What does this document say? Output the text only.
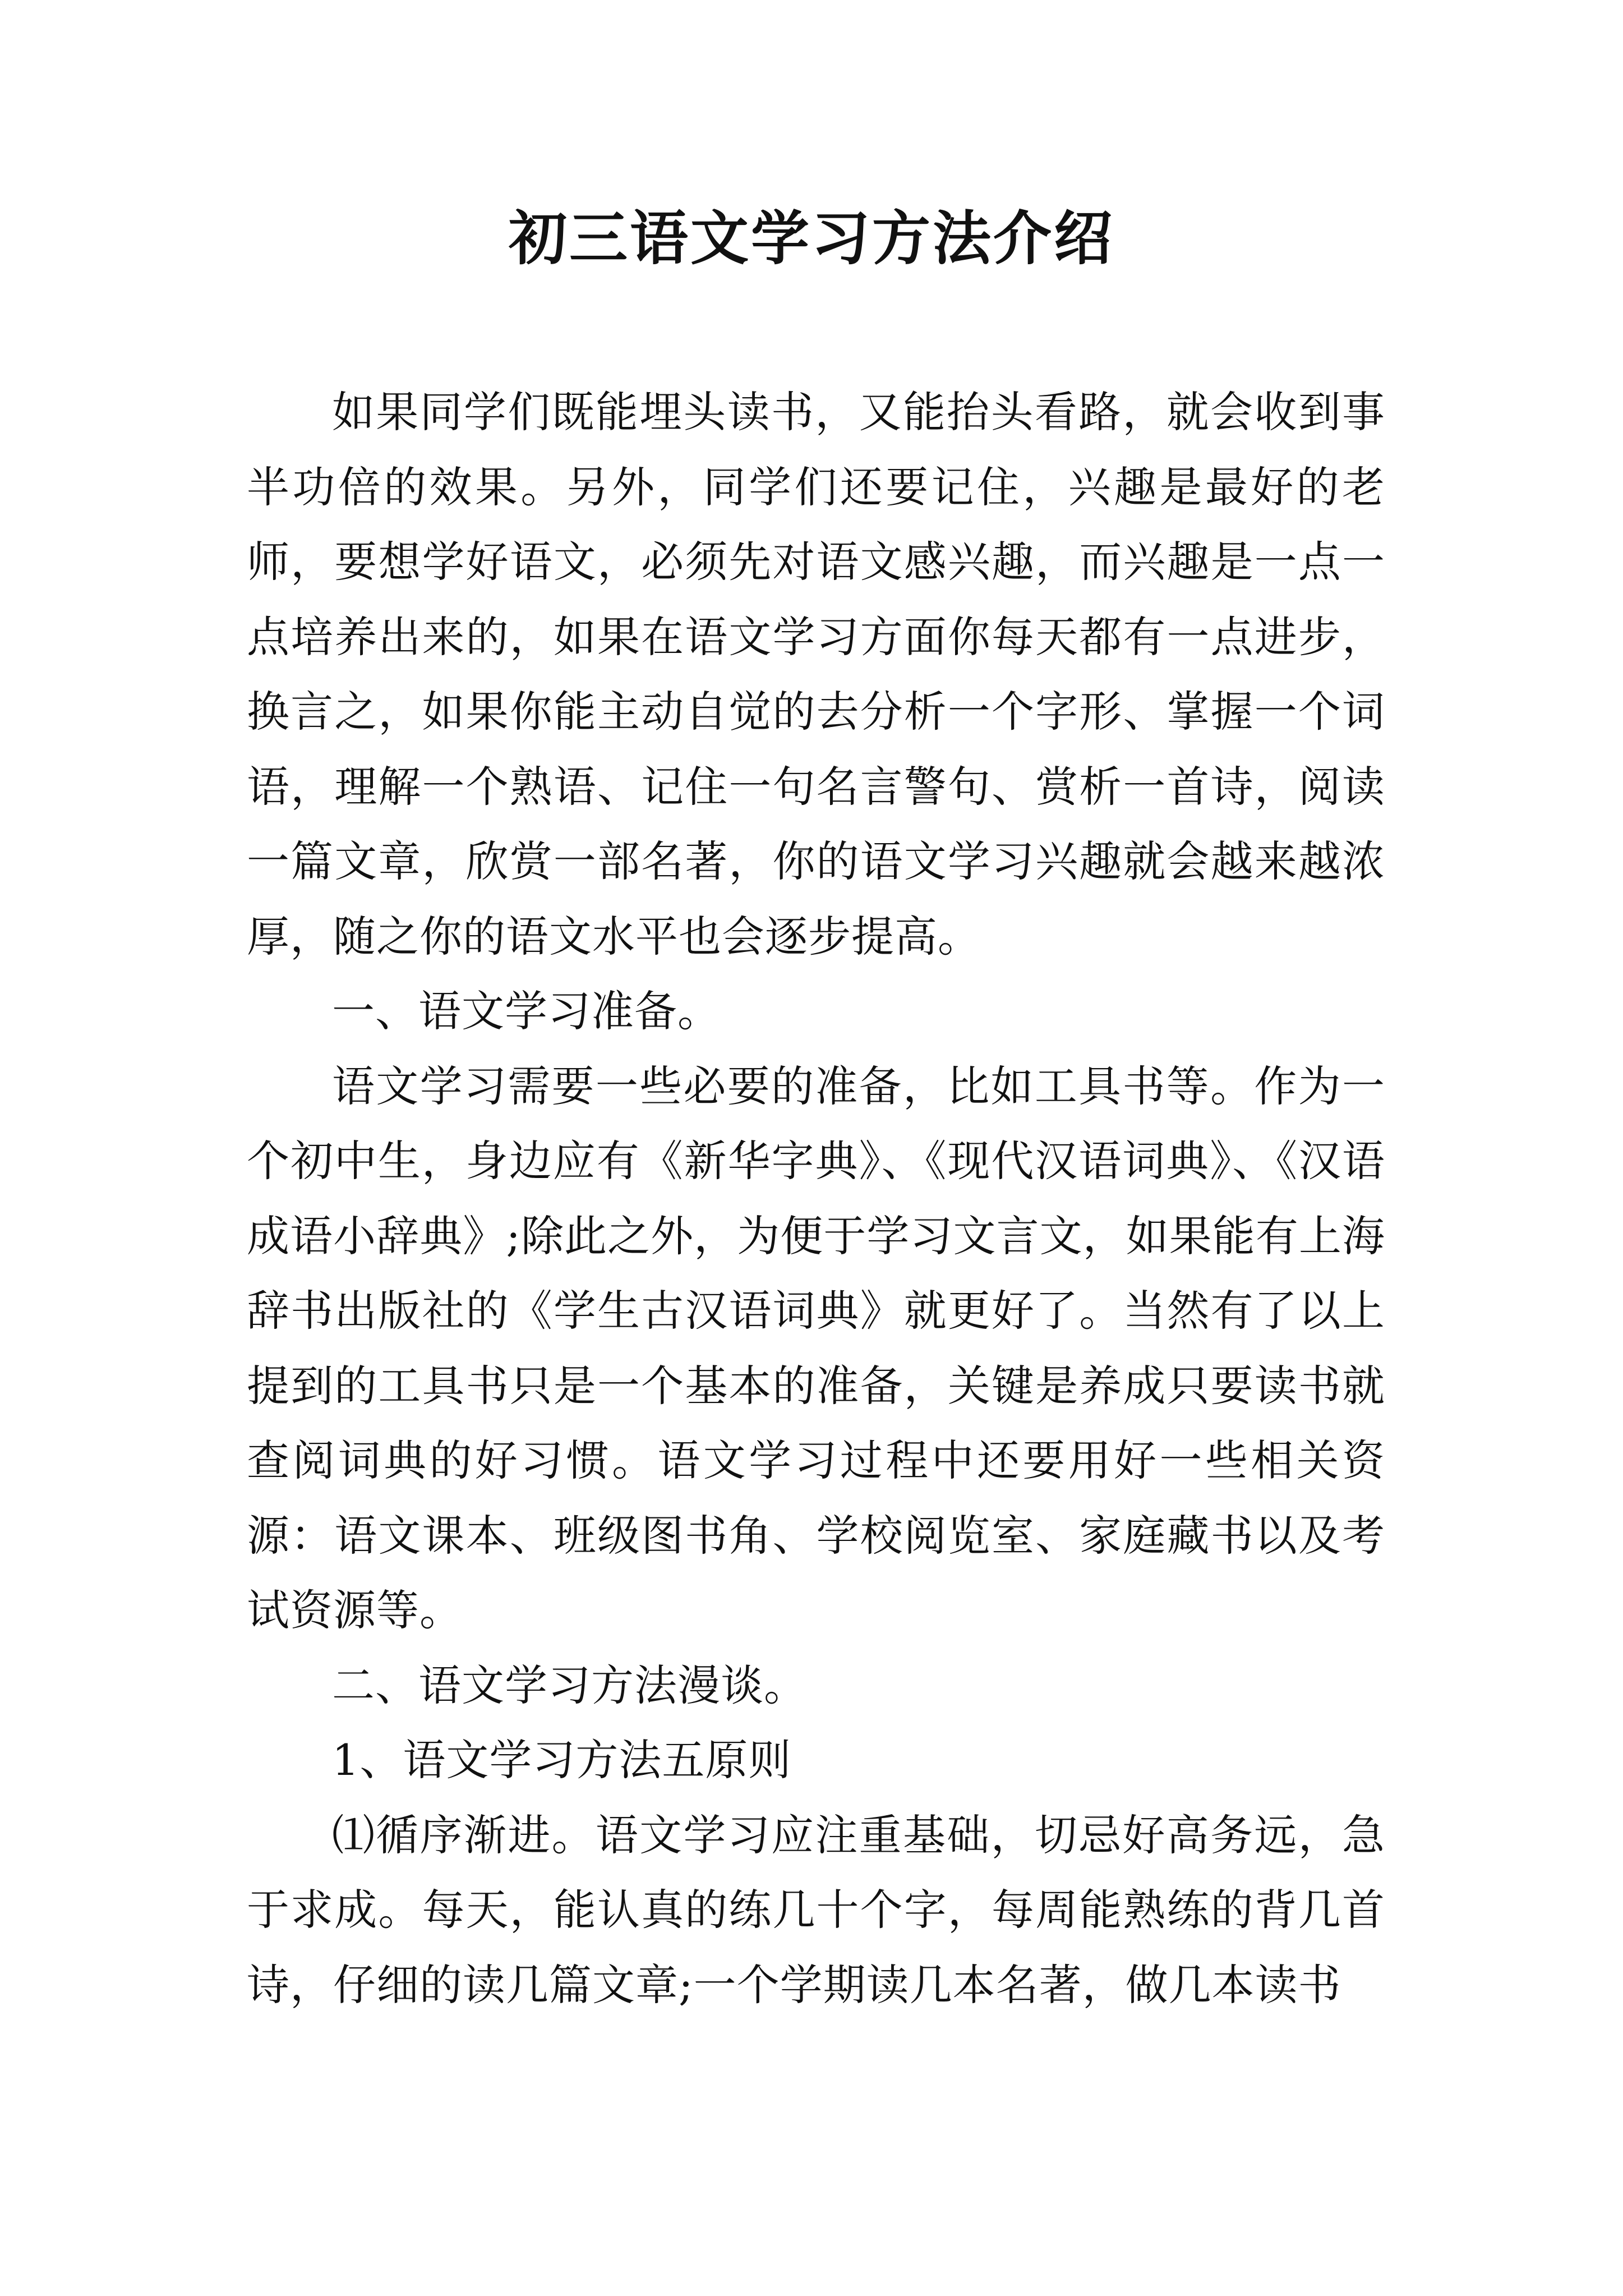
初三语文学习方法介绍

如果同学们既能埋头读书，又能抬头看路，就会收到事半功倍的效果。另外，同学们还要记住，兴趣是最好的老师，要想学好语文，必须先对语文感兴趣，而兴趣是一点一点培养出来的，如果在语文学习方面你每天都有一点进步，换言之，如果你能主动自觉的去分析一个字形、掌握一个词语，理解一个熟语、记住一句名言警句、赏析一首诗，阅读一篇文章，欣赏一部名著，你的语文学习兴趣就会越来越浓厚，随之你的语文水平也会逐步提高。

一、语文学习准备。

语文学习需要一些必要的准备，比如工具书等。作为一个初中生，身边应有《新华字典》、《现代汉语词典》、《汉语成语小辞典》;除此之外，为便于学习文言文，如果能有上海辞书出版社的《学生古汉语词典》就更好了。当然有了以上提到的工具书只是一个基本的准备，关键是养成只要读书就查阅词典的好习惯。语文学习过程中还要用好一些相关资源：语文课本、班级图书角、学校阅览室、家庭藏书以及考试资源等。

二、语文学习方法漫谈。

1、语文学习方法五原则

⑴循序渐进。语文学习应注重基础，切忌好高务远，急于求成。每天，能认真的练几十个字，每周能熟练的背几首诗，仔细的读几篇文章;一个学期读几本名著，做几本读书
